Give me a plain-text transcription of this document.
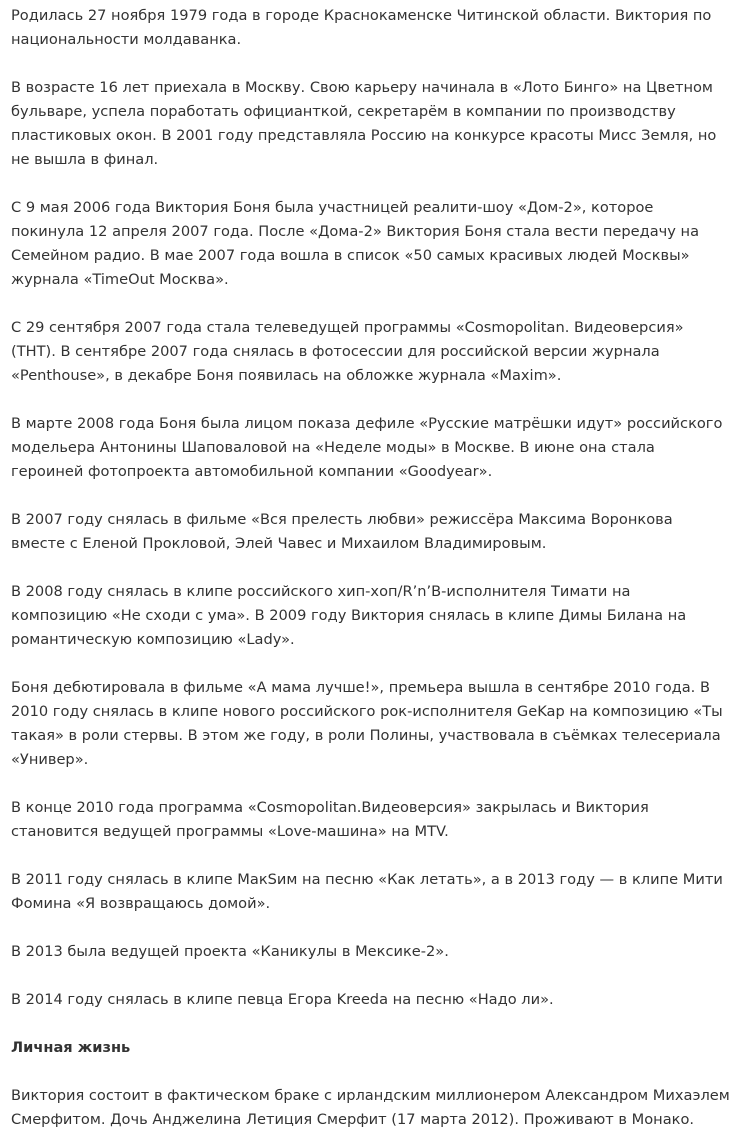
Родилась 27 ноября 1979 года в городе Краснокаменске Читинской области. Виктория по национальности молдаванка.

В возрасте 16 лет приехала в Москву. Свою карьеру начинала в «Лото Бинго» на Цветном бульваре, успела поработать официанткой, секретарём в компании по производству пластиковых окон. В 2001 году представляла Россию на конкурсе красоты Мисс Земля, но не вышла в финал.

С 9 мая 2006 года Виктория Боня была участницей реалити-шоу «Дом-2», которое покинула 12 апреля 2007 года. После «Дома-2» Виктория Боня стала вести передачу на Семейном радио. В мае 2007 года вошла в список «50 самых красивых людей Москвы» журнала «TimeOut Москва».

С 29 сентября 2007 года стала телеведущей программы «Cosmopolitan. Видеоверсия» (ТНТ). В сентябре 2007 года снялась в фотосессии для российской версии журнала «Penthouse», в декабре Боня появилась на обложке журнала «Maxim».

В марте 2008 года Боня была лицом показа дефиле «Русские матрёшки идут» российского модельера Антонины Шаповаловой на «Неделе моды» в Москве. В июне она стала героиней фотопроекта автомобильной компании «Goodyear».

В 2007 году снялась в фильме «Вся прелесть любви» режиссёра Максима Воронкова вместе с Еленой Прокловой, Элей Чавес и Михаилом Владимировым.

В 2008 году снялась в клипе российского хип-хоп/R’n’B-исполнителя Тимати на композицию «Не сходи с ума». В 2009 году Виктория снялась в клипе Димы Билана на романтическую композицию «Lady».

Боня дебютировала в фильме «А мама лучше!», премьера вышла в сентябре 2010 года. В 2010 году снялась в клипе нового российского рок-исполнителя GeKap на композицию «Ты такая» в роли стервы. В этом же году, в роли Полины, участвовала в съёмках телесериала «Универ».

В конце 2010 года программа «Cosmopolitan.Видеоверсия» закрылась и Виктория становится ведущей программы «Love-машина» на MTV.

В 2011 году снялась в клипе МакSим на песню «Как летать», а в 2013 году — в клипе Мити Фомина «Я возвращаюсь домой».

В 2013 была ведущей проекта «Каникулы в Мексике-2».

В 2014 году снялась в клипе певца Егора Kreeda на песню «Надо ли».

Личная жизнь

Виктория состоит в фактическом браке с ирландским миллионером Александром Михаэлем Смерфитом. Дочь Анджелина Летиция Смерфит (17 марта 2012). Проживают в Монако.
